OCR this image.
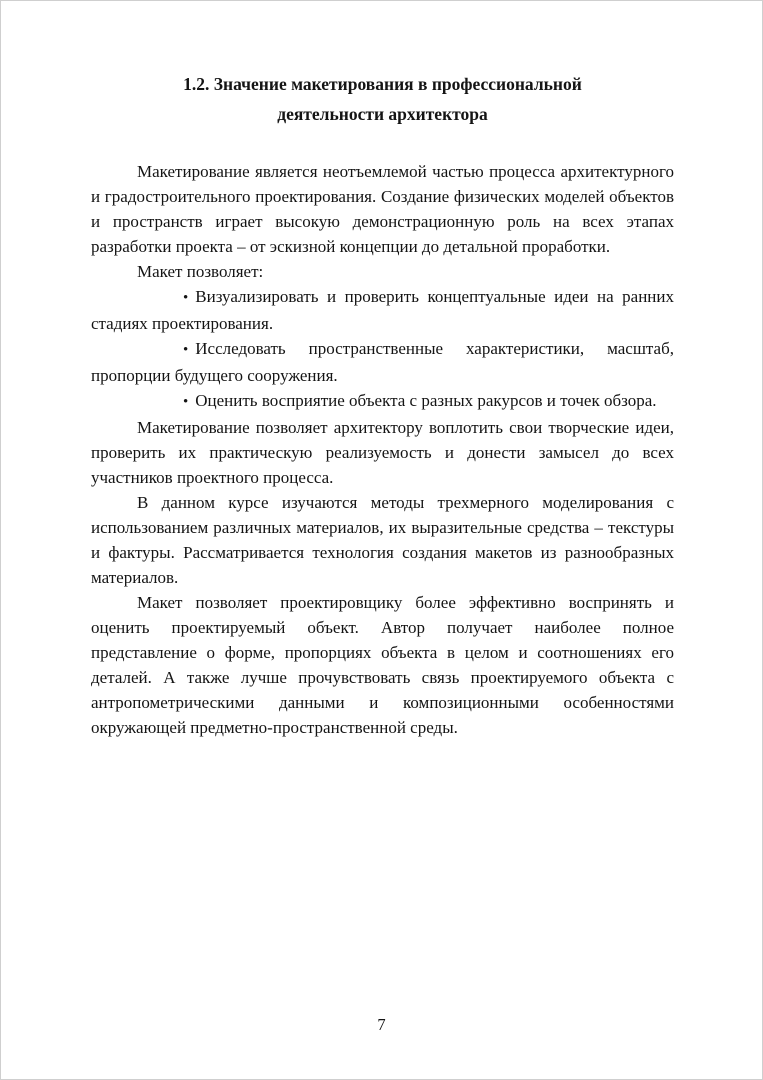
1.2. Значение макетирования в профессиональной
деятельности архитектора

Макетирование является неотъемлемой частью процесса архитектурного и градостроительного проектирования. Создание физических моделей объектов и пространств играет высокую демонстрационную роль на всех этапах разработки проекта – от эскизной концепции до детальной проработки.

Макет позволяет:

• Визуализировать и проверить концептуальные идеи на ранних стадиях проектирования.

• Исследовать пространственные характеристики, масштаб, пропорции будущего сооружения.

• Оценить восприятие объекта с разных ракурсов и точек обзора.

Макетирование позволяет архитектору воплотить свои творческие идеи, проверить их практическую реализуемость и донести замысел до всех участников проектного процесса.

В данном курсе изучаются методы трехмерного моделирования с использованием различных материалов, их выразительные средства – текстуры и фактуры. Рассматривается технология создания макетов из разнообразных материалов.

Макет позволяет проектировщику более эффективно воспринять и оценить проектируемый объект. Автор получает наиболее полное представление о форме, пропорциях объекта в целом и соотношениях его деталей. А также лучше прочувствовать связь проектируемого объекта с антропометрическими данными и композиционными особенностями окружающей предметно-пространственной среды.

7
